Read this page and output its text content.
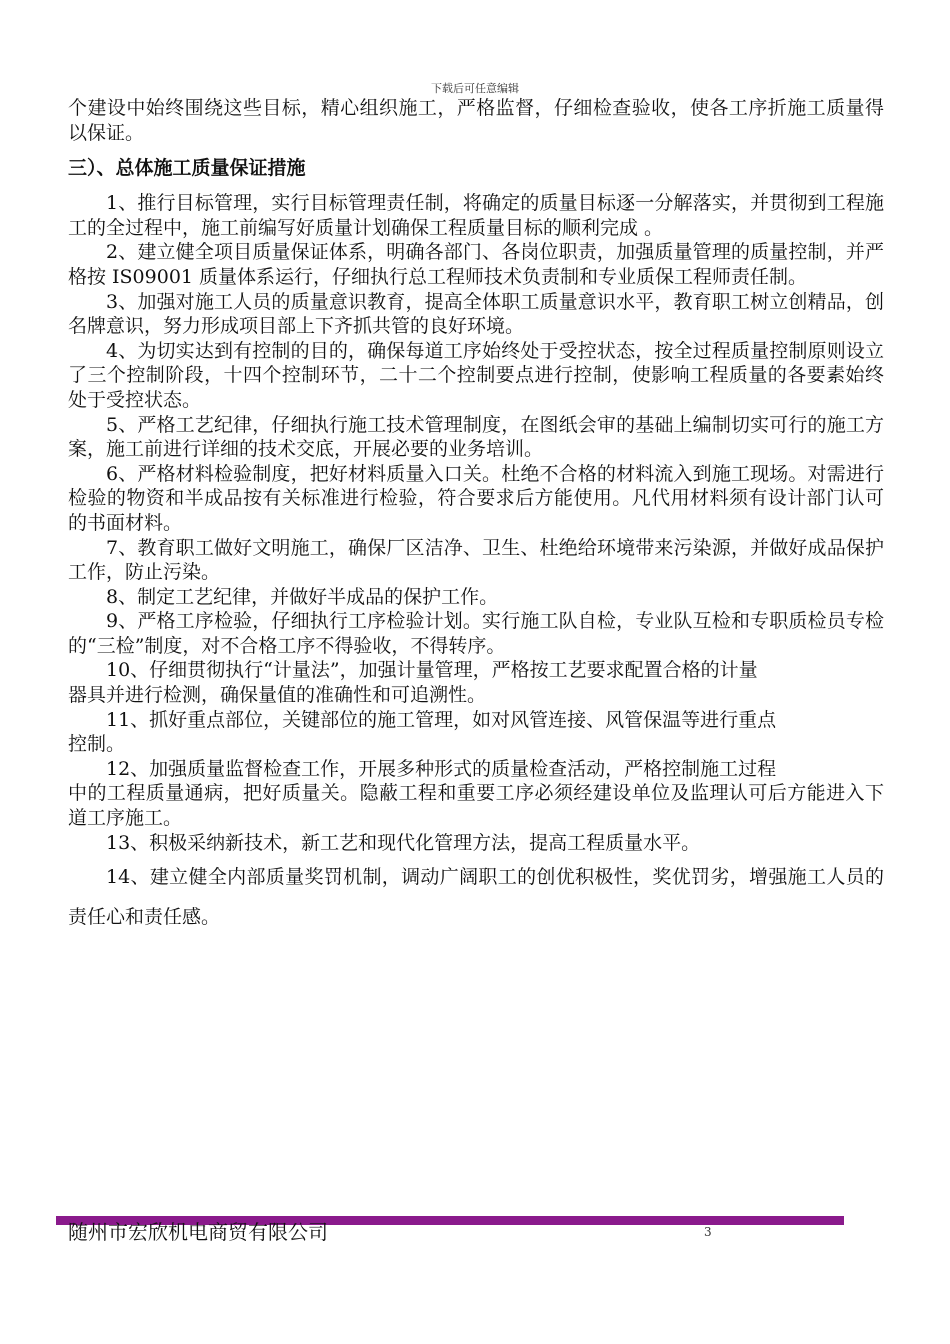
下载后可任意编辑

个建设中始终围绕这些目标，精心组织施工，严格监督，仔细检查验收，使各工序折施工质量得以保证。

三）、总体施工质量保证措施

1、推行目标管理，实行目标管理责任制，将确定的质量目标逐一分解落实，并贯彻到工程施工的全过程中，施工前编写好质量计划确保工程质量目标的顺利完成 。

2、建立健全项目质量保证体系，明确各部门、各岗位职责，加强质量管理的质量控制，并严格按 IS09001 质量体系运行，仔细执行总工程师技术负责制和专业质保工程师责任制。

3、加强对施工人员的质量意识教育，提高全体职工质量意识水平，教育职工树立创精品，创名牌意识，努力形成项目部上下齐抓共管的良好环境。

4、为切实达到有控制的目的，确保每道工序始终处于受控状态，按全过程质量控制原则设立了三个控制阶段，十四个控制环节，二十二个控制要点进行控制，使影响工程质量的各要素始终处于受控状态。

5、严格工艺纪律，仔细执行施工技术管理制度，在图纸会审的基础上编制切实可行的施工方案，施工前进行详细的技术交底，开展必要的业务培训。

6、严格材料检验制度，把好材料质量入口关。杜绝不合格的材料流入到施工现场。对需进行检验的物资和半成品按有关标准进行检验，符合要求后方能使用。凡代用材料须有设计部门认可的书面材料。

7、教育职工做好文明施工，确保厂区洁净、卫生、杜绝给环境带来污染源，并做好成品保护工作，防止污染。

8、制定工艺纪律，并做好半成品的保护工作。

9、严格工序检验，仔细执行工序检验计划。实行施工队自检，专业队互检和专职质检员专检的“三检”制度，对不合格工序不得验收，不得转序。

10、仔细贯彻执行“计量法”，加强计量管理，严格按工艺要求配置合格的计量

器具并进行检测，确保量值的准确性和可追溯性。

11、抓好重点部位，关键部位的施工管理，如对风管连接、风管保温等进行重点

控制。

12、加强质量监督检查工作，开展多种形式的质量检查活动，严格控制施工过程

中的工程质量通病，把好质量关。隐蔽工程和重要工序必须经建设单位及监理认可后方能进入下道工序施工。

13、积极采纳新技术，新工艺和现代化管理方法，提高工程质量水平。

14、建立健全内部质量奖罚机制，调动广阔职工的创优积极性，奖优罚劣，增强施工人员的责任心和责任感。

随州市宏欣机电商贸有限公司	3
